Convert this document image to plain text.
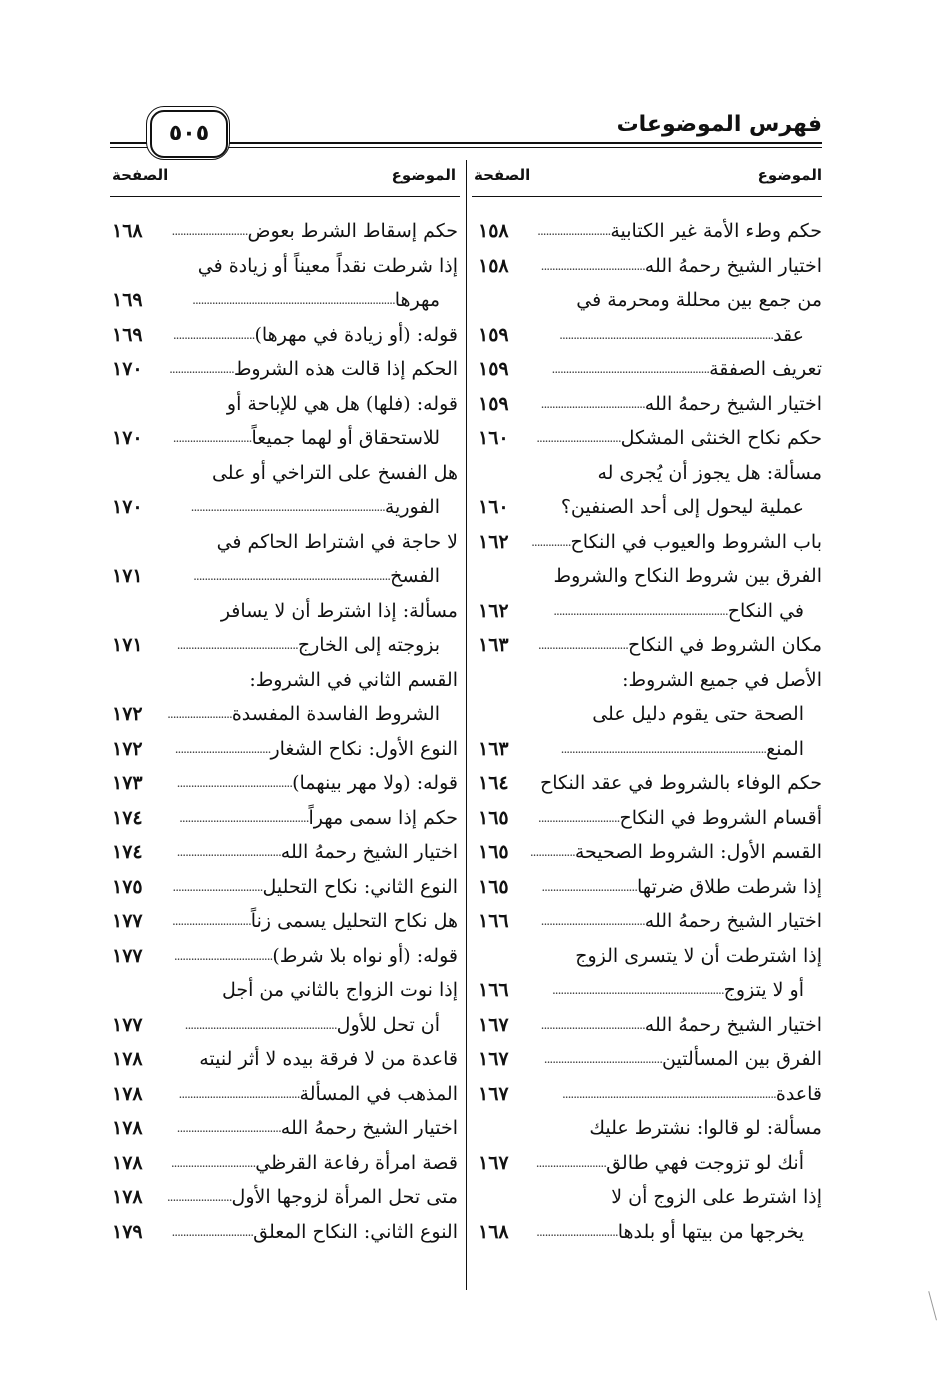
فهرس الموضوعات
٥٠٥
الموضوع
الصفحة
الموضوع
الصفحة
حكم وطء الأمة غير الكتابية..........................
١٥٨
اختيار الشيخ رحمهُ الله.....................................
١٥٨
من جمع بين محللة ومحرمة في
عقد............................................................................
١٥٩
تعريف الصفقة........................................................
١٥٩
اختيار الشيخ رحمهُ الله.....................................
١٥٩
حكم نكاح الخنثى المشكل..............................
١٦٠
مسألة: هل يجوز أن يُجرى له
عملية ليحول إلى أحد الصنفين؟
١٦٠
باب الشروط والعيوب في النكاح..............
١٦٢
الفرق بين شروط النكاح والشروط
في النكاح..............................................................
١٦٢
مكان الشروط في النكاح................................
١٦٣
الأصل في جميع الشروط:
الصحة حتى يقوم دليل على
المنع.........................................................................
١٦٣
حكم الوفاء بالشروط في عقد النكاح
١٦٤
أقسام الشروط في النكاح.............................
١٦٥
القسم الأول: الشروط الصحيحة................
١٦٥
إذا شرطت طلاق ضرتها..................................
١٦٥
اختيار الشيخ رحمهُ الله.....................................
١٦٦
إذا اشترطت أن لا يتسرى الزوج
أو لا يتزوج.............................................................
١٦٦
اختيار الشيخ رحمهُ الله.....................................
١٦٧
الفرق بين المسألتين..........................................
١٦٧
قاعدة............................................................................
١٦٧
مسألة: لو قالوا: نشترط عليك
أنك لو تزوجت فهي طالق.........................
١٦٧
إذا اشترط على الزوج أن لا
يخرجها من بيتها أو بلدها.............................
١٦٨
حكم إسقاط الشرط بعوض...........................
١٦٨
إذا شرطت نقداً معيناً أو زيادة في
مهرها........................................................................
١٦٩
قوله: (أو زيادة في مهرها).............................
١٦٩
الحكم إذا قالت هذه الشروط.......................
١٧٠
قوله: (فلها) هل هي للإباحة أو
للاستحقاق أو لهما جميعاً............................
١٧٠
هل الفسخ على التراخي أو على
الفورية.....................................................................
١٧٠
لا حاجة في اشتراط الحاكم في
الفسخ......................................................................
١٧١
مسألة: إذا اشترط أن لا يسافر
بزوجته إلى الخارج...........................................
١٧١
القسم الثاني في الشروط:
الشروط الفاسدة المفسدة.......................
١٧٢
النوع الأول: نكاح الشغار..................................
١٧٢
قوله: (ولا مهر بينهما).........................................
١٧٣
حكم إذا سمى مهراً..............................................
١٧٤
اختيار الشيخ رحمهُ الله.....................................
١٧٤
النوع الثاني: نكاح التحليل................................
١٧٥
هل نكاح التحليل يسمى زناً............................
١٧٧
قوله: (أو نواه بلا شرط)...................................
١٧٧
إذا نوت الزواج بالثاني من أجل
أن تحل للأول......................................................
١٧٧
قاعدة من لا فرقة بيده لا أثر لنيته
١٧٨
المذهب في المسألة...........................................
١٧٨
اختيار الشيخ رحمهُ الله.....................................
١٧٨
قصة امرأة رفاعة القرظي..............................
١٧٨
متى تحل المرأة لزوجها الأول.......................
١٧٨
النوع الثاني: النكاح المعلق.............................
١٧٩
